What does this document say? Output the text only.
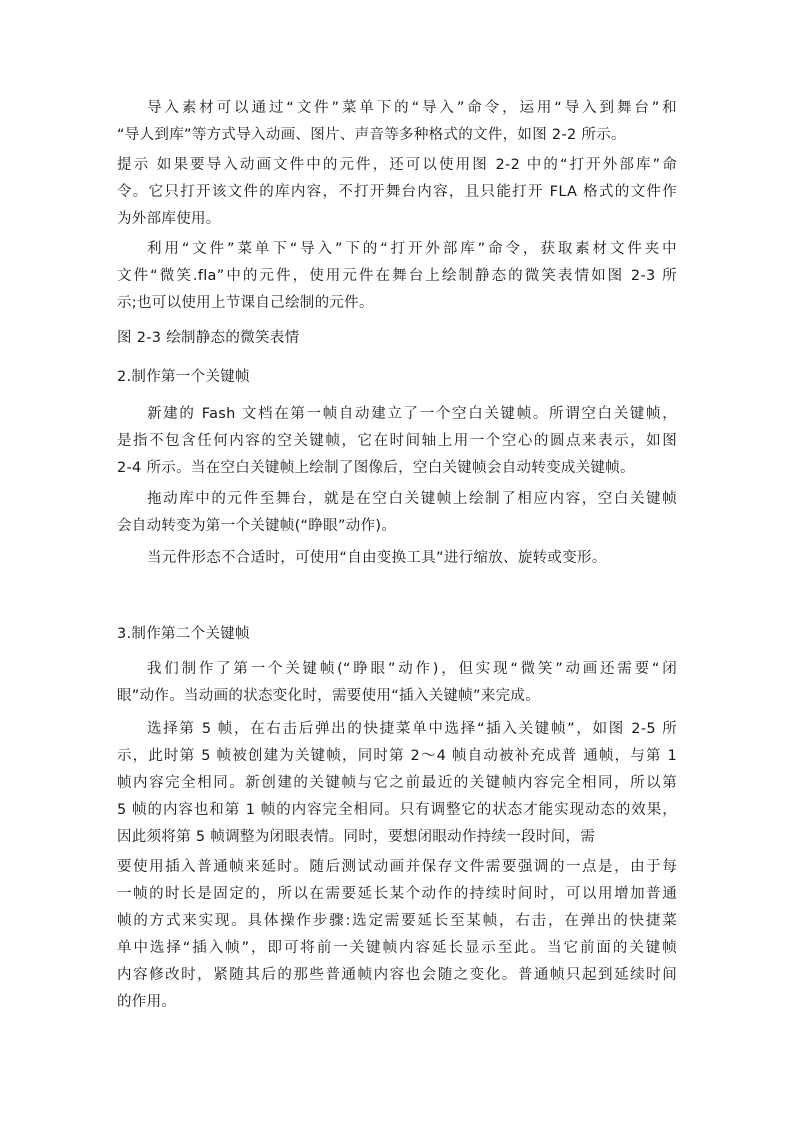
导入素材可以通过“文件”菜单下的“导入”命令，运用“导入到舞台”和
“导人到库”等方式导入动画、图片、声音等多种格式的文件，如图 2-2 所示。
提示 如果要导入动画文件中的元件，还可以使用图 2-2 中的“打开外部库”命
令。它只打开该文件的库内容，不打开舞台内容，且只能打开 FLA 格式的文件作
为外部库使用。
利用“文件”菜单下“导入”下的“打开外部库”命令，获取素材文件夹中
文件“微笑.fla”中的元件，使用元件在舞台上绘制静态的微笑表情如图 2-3 所
示;也可以使用上节课自己绘制的元件。
图 2-3 绘制静态的微笑表情
2.制作第一个关键帧
新建的 Fash 文档在第一帧自动建立了一个空白关键帧。所谓空白关键帧，
是指不包含任何内容的空关键帧，它在时间轴上用一个空心的圆点来表示，如图
2-4 所示。当在空白关键帧上绘制了图像后，空白关键帧会自动转变成关键帧。
拖动库中的元件至舞台，就是在空白关键帧上绘制了相应内容，空白关键帧
会自动转变为第一个关键帧(“睁眼”动作)。
当元件形态不合适时，可使用“自由变换工具”进行缩放、旋转或变形。
3.制作第二个关键帧
我们制作了第一个关键帧(“睁眼”动作)，但实现“微笑”动画还需要“闭
眼”动作。当动画的状态变化时，需要使用“插入关键帧”来完成。
选择第 5 帧，在右击后弹出的快捷菜单中选择“插入关键帧”，如图 2-5 所
示，此时第 5 帧被创建为关键帧，同时第 2～4 帧自动被补充成普 通帧，与第 1
帧内容完全相同。新创建的关键帧与它之前最近的关键帧内容完全相同，所以第
5 帧的内容也和第 1 帧的内容完全相同。只有调整它的状态才能实现动态的效果，
因此须将第 5 帧调整为闭眼表情。同时，要想闭眼动作持续一段时间，需
要使用插入普通帧来延时。随后测试动画并保存文件需要强调的一点是，由于每
一帧的时长是固定的，所以在需要延长某个动作的持续时间时，可以用增加普通
帧的方式来实现。具体操作步骤:选定需要延长至某帧，右击，在弹出的快捷菜
单中选择“插入帧”，即可将前一关键帧内容延长显示至此。当它前面的关键帧
内容修改时，紧随其后的那些普通帧内容也会随之变化。普通帧只起到延续时间
的作用。
